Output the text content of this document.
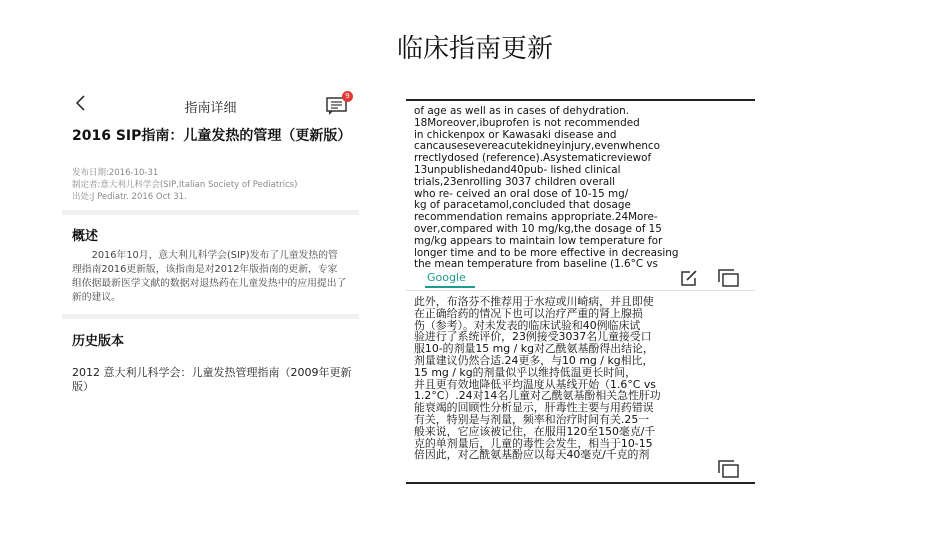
临床指南更新
指南详细
9
2016 SIP指南：儿童发热的管理（更新版）
发布日期:2016-10-31
制定者:意大利儿科学会(SIP,Italian Society of Pediatrics)
出处:J Pediatr. 2016 Oct 31.
概述
2016年10月，意大利儿科学会(SIP)发布了儿童发热的管理指南2016更新版，该指南是对2012年版指南的更新，专家组依据最新医学文献的数据对退热药在儿童发热中的应用提出了新的建议。
历史版本
2012 意大利儿科学会：儿童发热管理指南（2009年更新版）
of age as well as in cases of dehydration.
18Moreover,ibuprofen is not recommended
in chickenpox or Kawasaki disease and
cancausesevereacutekidneyinjury,evenwhenco
rrectlydosed (reference).Asystematicreviewof
13unpublishedand40pub- lished clinical
trials,23enrolling 3037 children overall
who re- ceived an oral dose of 10-15 mg/
kg of paracetamol,concluded that dosage
recommendation remains appropriate.24More-
over,compared with 10 mg/kg,the dosage of 15
mg/kg appears to maintain low temperature for
longer time and to be more effective in decreasing
the mean temperature from baseline (1.6°C vs
Google
此外，布洛芬不推荐用于水痘或川崎病，并且即使
在正确给药的情况下也可以治疗严重的肾上腺损
伤（参考）。对未发表的临床试验和40例临床试
验进行了系统评价，23例接受3037名儿童接受口
服10-的剂量15 mg / kg对乙酰氨基酚得出结论，
剂量建议仍然合适.24更多，与10 mg / kg相比，
15 mg / kg的剂量似乎以维持低温更长时间，
并且更有效地降低平均温度从基线开始（1.6°C vs
1.2°C）.24对14名儿童对乙酰氨基酚相关急性肝功
能衰竭的回顾性分析显示，肝毒性主要与用药错误
有关，特别是与剂量，频率和治疗时间有关.25一
般来说，它应该被记住，在服用120至150毫克/千
克的单剂量后，儿童的毒性会发生，相当于10-15
倍因此，对乙酰氨基酚应以每天40毫克/千克的剂
